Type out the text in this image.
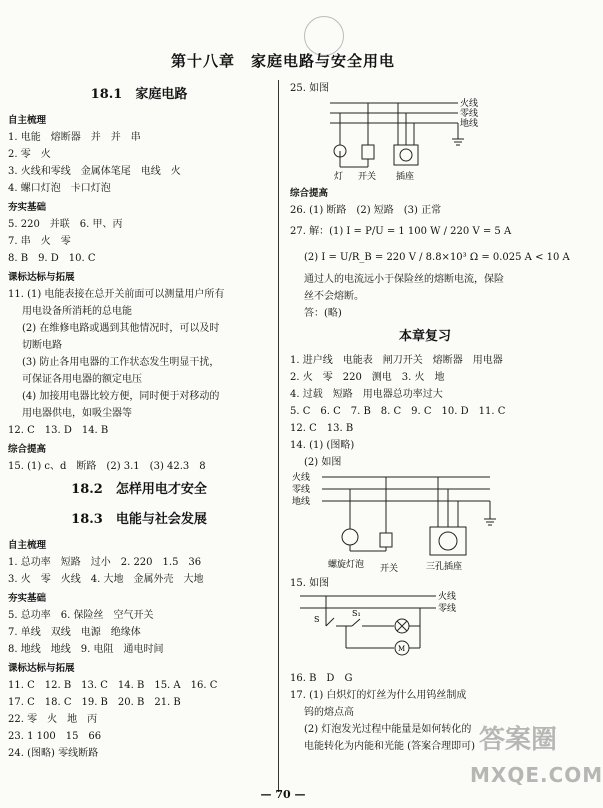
第十八章　家庭电路与安全用电
18.1　家庭电路
自主梳理
1. 电能　熔断器　并　并　串
2. 零　火
3. 火线和零线　金属体笔尾　电线　火
4. 螺口灯泡　卡口灯泡
夯实基础
5. 220　并联　6. 甲、丙
7. 串　火　零
8. B　9. D　10. C
课标达标与拓展
11. (1) 电能表接在总开关前面可以测量用户所有
用电设备所消耗的总电能
(2) 在维修电路或遇到其他情况时，可以及时
切断电路
(3) 防止各用电器的工作状态发生明显干扰，
可保证各用电器的额定电压
(4) 加接用电器比较方便，同时便于对移动的
用电器供电，如吸尘器等
12. C　13. D　14. B
综合提高
15. (1) c、d　断路　(2) 3.1　(3) 42.3　8
18.2　怎样用电才安全
18.3　电能与社会发展
自主梳理
1. 总功率　短路　过小　2. 220　1.5　36
3. 火　零　火线　4. 大地　金属外壳　大地
夯实基础
5. 总功率　6. 保险丝　空气开关
7. 单线　双线　电源　绝缘体
8. 地线　地线　9. 电阻　通电时间
课标达标与拓展
11. C　12. B　13. C　14. B　15. A　16. C
17. C　18. C　19. B　20. B　21. B
22. 零　火　地　丙
23. 1 100　15　66
24. (图略) 零线断路
25. 如图
火线
零线
地线
灯 开关 插座
综合提高
26. (1) 断路　(2) 短路　(3) 正常
27. 解：(1) I = P/U = 1 100 W / 220 V = 5 A
(2) I = U/R_B = 220 V / 8.8×10³ Ω = 0.025 A < 10 A
通过人的电流远小于保险丝的熔断电流，保险
丝不会熔断。
答：(略)
本章复习
1. 进户线　电能表　闸刀开关　熔断器　用电器
2. 火　零　220　测电　3. 火　地
4. 过载　短路　用电器总功率过大
5. C　6. C　7. B　8. C　9. C　10. D　11. C
12. C　13. B
14. (1) (图略)
(2) 如图
火线
零线
地线
螺旋灯泡 开关	三孔插座
15. 如图
火线
零线
S
S₁
M
16. B　D　G
17. (1) 白炽灯的灯丝为什么用钨丝制成
钨的熔点高
(2) 灯泡发光过程中能量是如何转化的
电能转化为内能和光能 (答案合理即可)
— 70 —
答案圈
MXQE.COM
